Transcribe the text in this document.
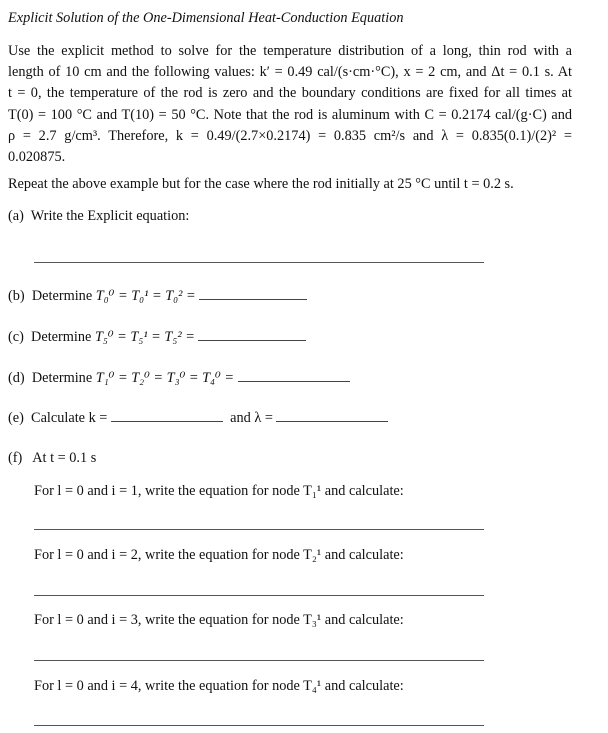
Explicit Solution of the One-Dimensional Heat-Conduction Equation
Use the explicit method to solve for the temperature distribution of a long, thin rod with a
length of 10 cm and the following values: k′ = 0.49 cal/(s·cm·°C), x = 2 cm, and Δt = 0.1 s. At
t = 0, the temperature of the rod is zero and the boundary conditions are fixed for all times at
T(0) = 100 °C and T(10) = 50 °C. Note that the rod is aluminum with C = 0.2174 cal/(g·C) and
ρ = 2.7 g/cm³. Therefore, k = 0.49/(2.7×0.2174) = 0.835 cm²/s and λ = 0.835(0.1)/(2)² =
0.020875.
Repeat the above example but for the case where the rod initially at 25 °C until t = 0.2 s.
(a) Write the Explicit equation:
(b) Determine T₀⁰ = T₀¹ = T₀² =
(c) Determine T₅⁰ = T₅¹ = T₅² =
(d) Determine T₁⁰ = T₂⁰ = T₃⁰ = T₄⁰ =
(e) Calculate k =	and λ =
(f) At t = 0.1 s
For l = 0 and i = 1, write the equation for node T₁¹ and calculate:
For l = 0 and i = 2, write the equation for node T₂¹ and calculate:
For l = 0 and i = 3, write the equation for node T₃¹ and calculate:
For l = 0 and i = 4, write the equation for node T₄¹ and calculate:
